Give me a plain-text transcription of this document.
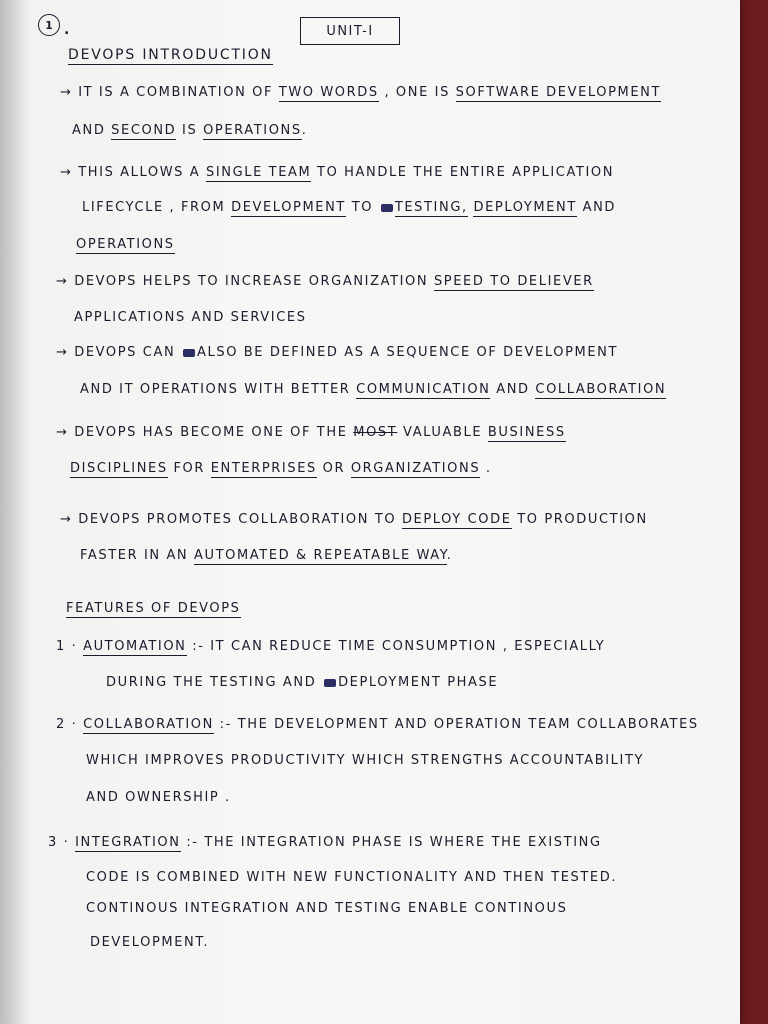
1 .	UNIT-I
DEVOPS INTRODUCTION
→ IT IS A COMBINATION OF TWO WORDS , ONE IS SOFTWARE DEVELOPMENT
AND SECOND IS OPERATIONS.
→ THIS ALLOWS A SINGLE TEAM TO HANDLE THE ENTIRE APPLICATION
LIFECYCLE , FROM DEVELOPMENT TO TESTING, DEPLOYMENT AND
OPERATIONS
→ DEVOPS HELPS TO INCREASE ORGANIZATION SPEED TO DELIEVER
APPLICATIONS AND SERVICES
→ DEVOPS CAN ALSO BE DEFINED AS A SEQUENCE OF DEVELOPMENT
AND IT OPERATIONS WITH BETTER COMMUNICATION AND COLLABORATION
→ DEVOPS HAS BECOME ONE OF THE MOST VALUABLE BUSINESS
DISCIPLINES FOR ENTERPRISES OR ORGANIZATIONS .
→ DEVOPS PROMOTES COLLABORATION TO DEPLOY CODE TO PRODUCTION
FASTER IN AN AUTOMATED & REPEATABLE WAY.
FEATURES OF DEVOPS
1 · AUTOMATION :- IT CAN REDUCE TIME CONSUMPTION , ESPECIALLY
DURING THE TESTING AND DEPLOYMENT PHASE
2 · COLLABORATION :- THE DEVELOPMENT AND OPERATION TEAM COLLABORATES
WHICH IMPROVES PRODUCTIVITY WHICH STRENGTHS ACCOUNTABILITY
AND OWNERSHIP .
3 · INTEGRATION :- THE INTEGRATION PHASE IS WHERE THE EXISTING
CODE IS COMBINED WITH NEW FUNCTIONALITY AND THEN TESTED.
CONTINOUS INTEGRATION AND TESTING ENABLE CONTINOUS
DEVELOPMENT.
